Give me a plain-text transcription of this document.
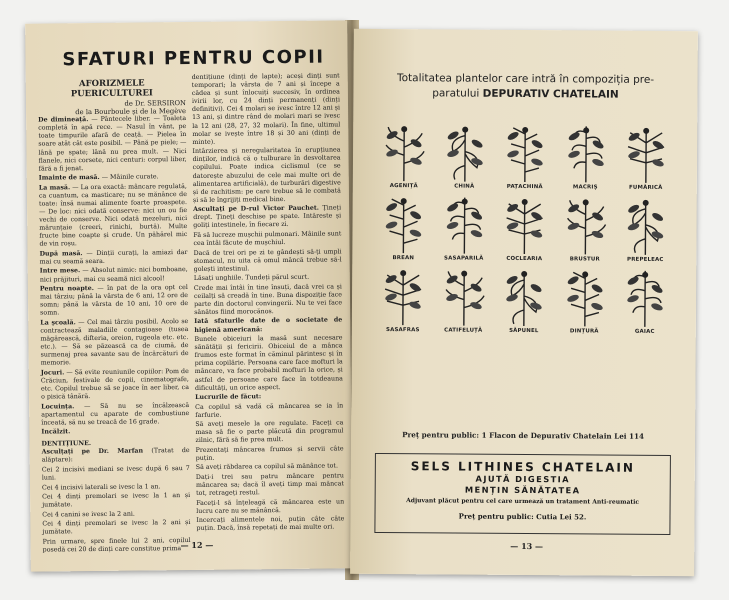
SFATURI PENTRU COPII
AFORIZMELE PUERICULTUREI
de Dr. SERSIRON
de la Bourboule și de la Megève

De dimineață. — Pântecele liber. — Toaleta completă în apă rece. — Nasul în vânt, pe toate timpurile afară de ceață. — Pielea în soare atât cât este posibil. — Până pe piele; — lână pe spate; lână nu prea mult. — Nici flanele, nici corsete, nici centuri: corpul liber, fără a fi jenat.

Imainte de masă. — Mâinile curate.

La masă. — La ora exactă: mâncare regulată, ca cuantum, ca masticare; nu se mănânce de toate: însă numai alimente foarte proaspete. — De loc: nici odată conserve: nici un ou fie vechi de conserve. Nici odată mezeluri, nici mărunțaie (creeri, rinichi, burtă). Multe fructe bine coapte și crude. Un păhărel mic de vin roșu.

După masă. — Dinții curați, la amiazi dar mai cu seamă seara.

Intre mese. — Absolut nimic: nici bomboane, nici prăjituri, mai cu seamă nici alcool!

Pentru noapte. — în pat de la ora opt cel mai târziu; până la vârsta de 6 ani, 12 ore de somn; până la vârsta de 10 ani, 10 ore de somn.

La școală. — Cel mai târziu posibil. Acolo se contractează maladiile contagioase (tusea măgărească, difteria, oreion, rugeola etc. etc. etc.). — Să se păzească ca de ciumă, de surmenaj prea savante sau de încărcături de memorie.

Jocuri. — Să evite reuniunile copiilor: Pom de Crăciun, festivale de copii, cinematografe, etc. Copilul trebue să se joace în aer liber, ca o pisică tânără.

Locuința. — Să nu se încălzească apartamentul cu aparate de combustiune înceată, să nu se treacă de 16 grade.

Incălzit.

DENTIȚIUNE.

Asculțați pe Dr. Marfan (Tratat de alăptare):

Cei 2 incisivi mediani se ivesc după 6 sau 7 luni.

Cei 4 incisivi laterali se ivesc la 1 an.

Cei 4 dinți premolari se ivesc la 1 an și jumătate.

Cei 4 canini se ivesc la 2 ani.

Cei 4 dinți premolari se ivesc la 2 ani și jumătate.

Prin urmare, spre finele lui 2 ani, copilul posedă cei 20 de dinți care constitue prima

dentițiune (dinți de lapte); aceși dinți sunt temporari; la vârsta de 7 ani și începe a cădea și sunt înlocuiți succesiv, în ordinea ivirii lor, cu 24 dinți permanenți (dinți definitivi). Cei 4 molari se ivesc între 12 ani și 13 ani, și dintre rând de molari mari se ivesc la 12 ani (28, 27, 32 molari). În fine, ultimul molar se ivește între 18 și 30 ani (dinți de minte).

Intârzierea și neregularitatea în erupțiunea dinților, indică că o tulburare în desvoltarea copilului. Poate indica ciclismul (ce se datorește abuzului de cele mai multe ori de alimentarea artificială), de turburări digestive și de rachitism: pe care trebue să le combată și să le îngrijiți medical bine.

Ascultați pe D-rul Victor Pauchet. Țineți drept. Țineți deschise pe spate. Intăreste și goliți intestinele, în fiecare zi.

Fă să lucreze mușchii pulmonari. Mâinile sunt cea întâi făcute de mușchiul.

Dacă de trei ori pe zi te gândești să-ți umpli stomacul, nu uita că omul mâncă trebue să-l golești intestinul.

Lăsați unghiile. Tundeți părul scurt.

Crede mai întâi în tine însuți, dacă vrei ca și ceilalți să creadă în tine. Buna dispoziție face parte din doctorul convingerii. Nu te vei face sănătos fiind morocănos.

Iată sfaturile date de o societate de higienă americană:

Bunele obiceiuri la masă sunt necesare sănătății și fericirii. Obiceiul de a mânca frumos este format în căminul părintesc și în prima copilărie. Persoana care face mofturi la mâncare, va face probabil mofturi la orice, și astfel de persoane care face în totdeauna dificultăți, un orice aspect.

Lucrurile de făcut:

Ca copilul să vadă că mâncarea se ia în farfurie.

Să aveți mesele la ore regulate. Faceți ca masa să fie o parte plăcută din programul zilnic, fără să fie prea mult.

Prezentați mâncarea frumos și servii câte puțin.

Să aveți răbdarea ca copilul să mănânce tot.

Dați-i trei sau patru mâncare pentru mâncarea sa; dacă îl aveți timp mai măncat tot, retrageți restul.

Faceți-l să înțeleagă că mâncarea este un lucru care nu se mănâncă.

Incercați alimentele noi, puțin câte câte puțin. Dacă, însă repetați de mai multe ori.

— 12 —
Totalitatea plantelor care intră în compoziția pre-
paratului DEPURATIV CHATELAIN
AGENIȚĂ	CHINĂ	PAȚACHINĂ	MACRIȘ	FUMĂRICĂ
BREAN	SASAPARILĂ	COCLEARIA	BRUSTUR	PREPELEAC
SASAFRAS	CATIFELUȚĂ	SĂPUNEL	DINȚURĂ	GAIAC
Preț pentru public: 1 Flacon de Depurativ Chatelain Lei 114
SELS LITHINES CHATELAIN
AJUTĂ DIGESTIA
MENȚIN SĂNĂTATEA
Adjuvant plăcut pentru cel care urmează un tratament Anti-reumatic
Preț pentru public: Cutia Lei 52.
— 13 —
